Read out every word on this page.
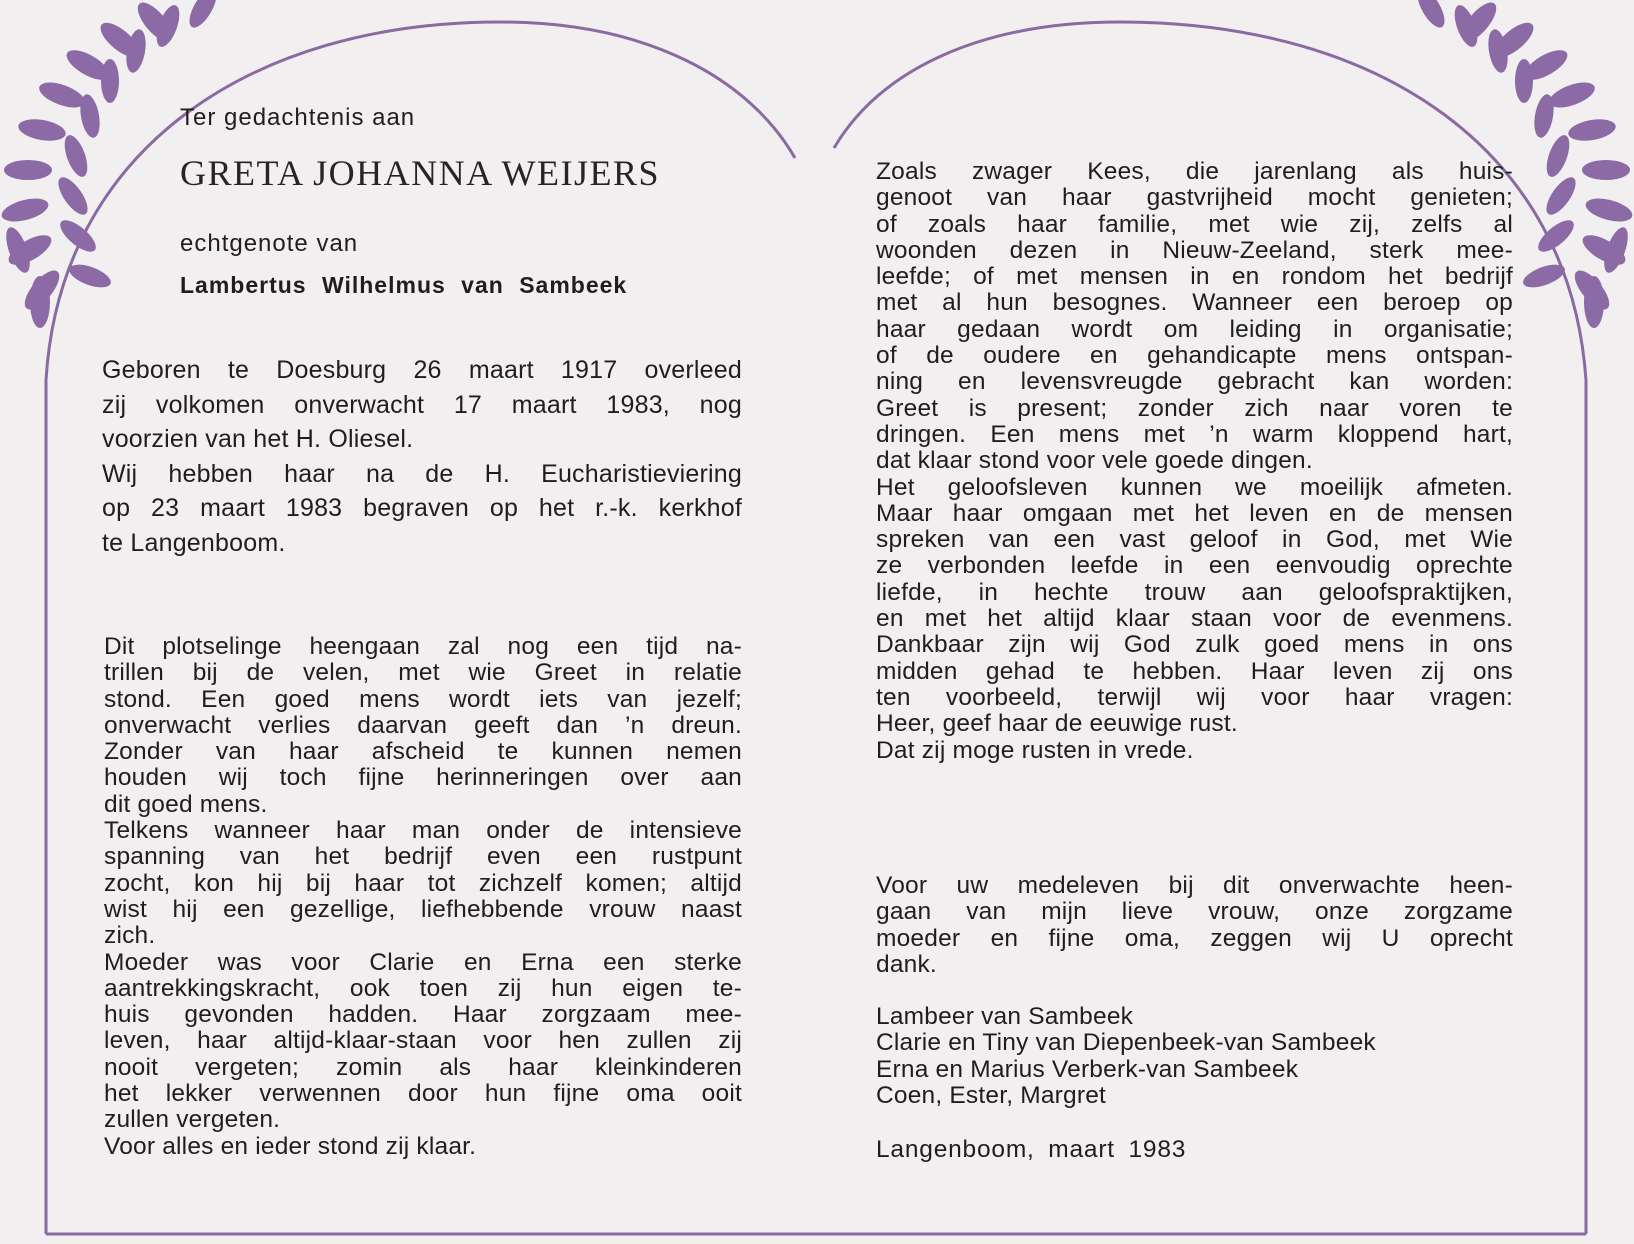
Ter gedachtenis aan
GRETA JOHANNA WEIJERS
echtgenote van
Lambertus Wilhelmus van Sambeek
Geboren te Doesburg 26 maart 1917 overleed
zij volkomen onverwacht 17 maart 1983, nog
voorzien van het H. Oliesel.
Wij hebben haar na de H. Eucharistieviering
op 23 maart 1983 begraven op het r.-k. kerkhof
te Langenboom.
Dit plotselinge heengaan zal nog een tijd na-
trillen bij de velen, met wie Greet in relatie
stond. Een goed mens wordt iets van jezelf;
onverwacht verlies daarvan geeft dan ’n dreun.
Zonder van haar afscheid te kunnen nemen
houden wij toch fijne herinneringen over aan
dit goed mens.
Telkens wanneer haar man onder de intensieve
spanning van het bedrijf even een rustpunt
zocht, kon hij bij haar tot zichzelf komen; altijd
wist hij een gezellige, liefhebbende vrouw naast
zich.
Moeder was voor Clarie en Erna een sterke
aantrekkingskracht, ook toen zij hun eigen te-
huis gevonden hadden. Haar zorgzaam mee-
leven, haar altijd-klaar-staan voor hen zullen zij
nooit vergeten; zomin als haar kleinkinderen
het lekker verwennen door hun fijne oma ooit
zullen vergeten.
Voor alles en ieder stond zij klaar.
Zoals zwager Kees, die jarenlang als huis-
genoot van haar gastvrijheid mocht genieten;
of zoals haar familie, met wie zij, zelfs al
woonden dezen in Nieuw-Zeeland, sterk mee-
leefde; of met mensen in en rondom het bedrijf
met al hun besognes. Wanneer een beroep op
haar gedaan wordt om leiding in organisatie;
of de oudere en gehandicapte mens ontspan-
ning en levensvreugde gebracht kan worden:
Greet is present; zonder zich naar voren te
dringen. Een mens met ’n warm kloppend hart,
dat klaar stond voor vele goede dingen.
Het geloofsleven kunnen we moeilijk afmeten.
Maar haar omgaan met het leven en de mensen
spreken van een vast geloof in God, met Wie
ze verbonden leefde in een eenvoudig oprechte
liefde, in hechte trouw aan geloofspraktijken,
en met het altijd klaar staan voor de evenmens.
Dankbaar zijn wij God zulk goed mens in ons
midden gehad te hebben. Haar leven zij ons
ten voorbeeld, terwijl wij voor haar vragen:
Heer, geef haar de eeuwige rust.
Dat zij moge rusten in vrede.
Voor uw medeleven bij dit onverwachte heen-
gaan van mijn lieve vrouw, onze zorgzame
moeder en fijne oma, zeggen wij U oprecht
dank.
Lambeer van Sambeek
Clarie en Tiny van Diepenbeek-van Sambeek
Erna en Marius Verberk-van Sambeek
Coen, Ester, Margret
Langenboom, maart 1983
